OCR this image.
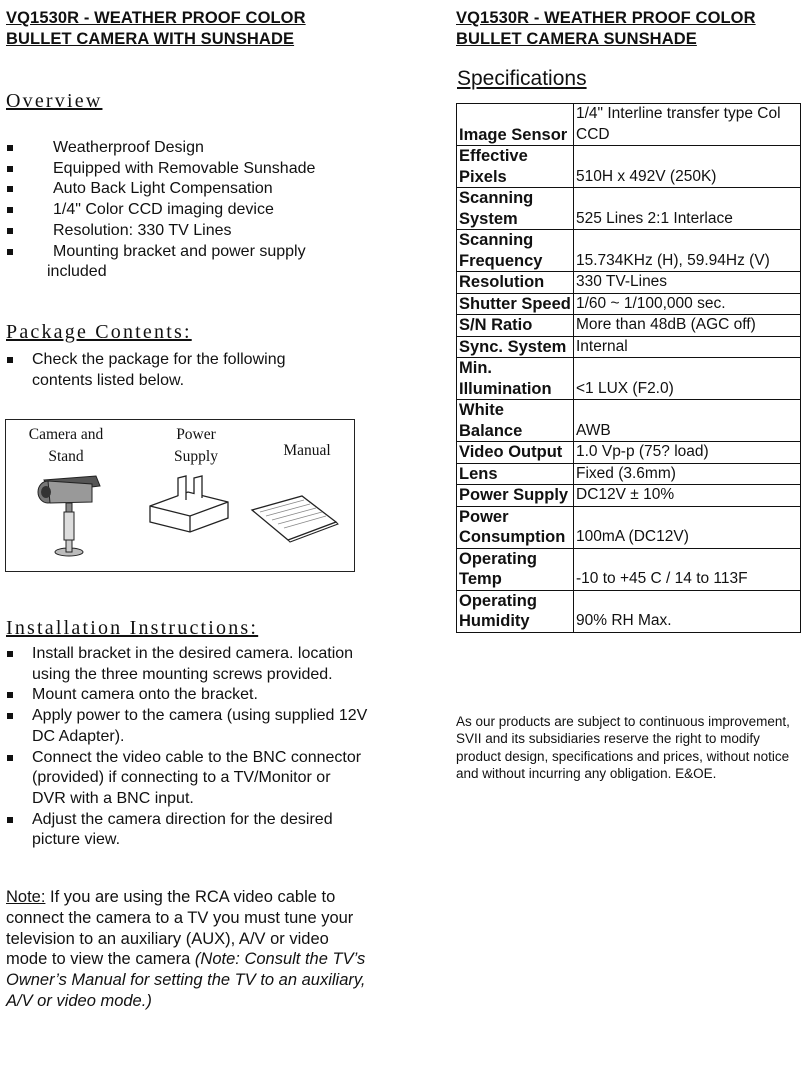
VQ1530R - WEATHER PROOF COLOR BULLET CAMERA WITH SUNSHADE
Overview
Weatherproof Design
Equipped with Removable Sunshade
Auto Back Light Compensation
1/4" Color CCD imaging device
Resolution: 330 TV Lines
Mounting bracket and power supply
included
Package Contents:
Check the package for the following contents listed below.
Camera and Stand
Power Supply	Manual
Installation Instructions:
Install bracket in the desired camera. location using the three mounting screws provided.
Mount camera onto the bracket.
Apply power to the camera (using supplied 12V DC Adapter).
Connect the video cable to the BNC connector (provided) if connecting to a TV/Monitor or DVR with a BNC input.
Adjust the camera direction for the desired picture view.
Note: If you are using the RCA video cable to connect the camera to a TV you must tune your television to an auxiliary (AUX), A/V or video mode to view the camera (Note: Consult the TV’s Owner’s Manual for setting the TV to an auxiliary, A/V or video mode.)
VQ1530R - WEATHER PROOF COLOR BULLET CAMERA SUNSHADE
Specifications
Image Sensor	1/4" Interline transfer type Col CCD
Effective Pixels	510H x 492V (250K)
Scanning System	525 Lines 2:1 Interlace
Scanning Frequency	15.734KHz (H), 59.94Hz (V)
Resolution	330 TV-Lines
Shutter Speed	1/60 ~ 1/100,000 sec.
S/N Ratio	More than 48dB (AGC off)
Sync. System	Internal
Min. Illumination	<1 LUX (F2.0)
White Balance	AWB
Video Output	1.0 Vp-p (75? load)
Lens	Fixed (3.6mm)
Power Supply	DC12V ± 10%
Power Consumption	100mA (DC12V)
Operating Temp	-10 to +45 C / 14 to 113F
Operating Humidity	90% RH Max.
As our products are subject to continuous improvement, SVII and its subsidiaries reserve the right to modify product design, specifications and prices, without notice and without incurring any obligation. E&OE.
